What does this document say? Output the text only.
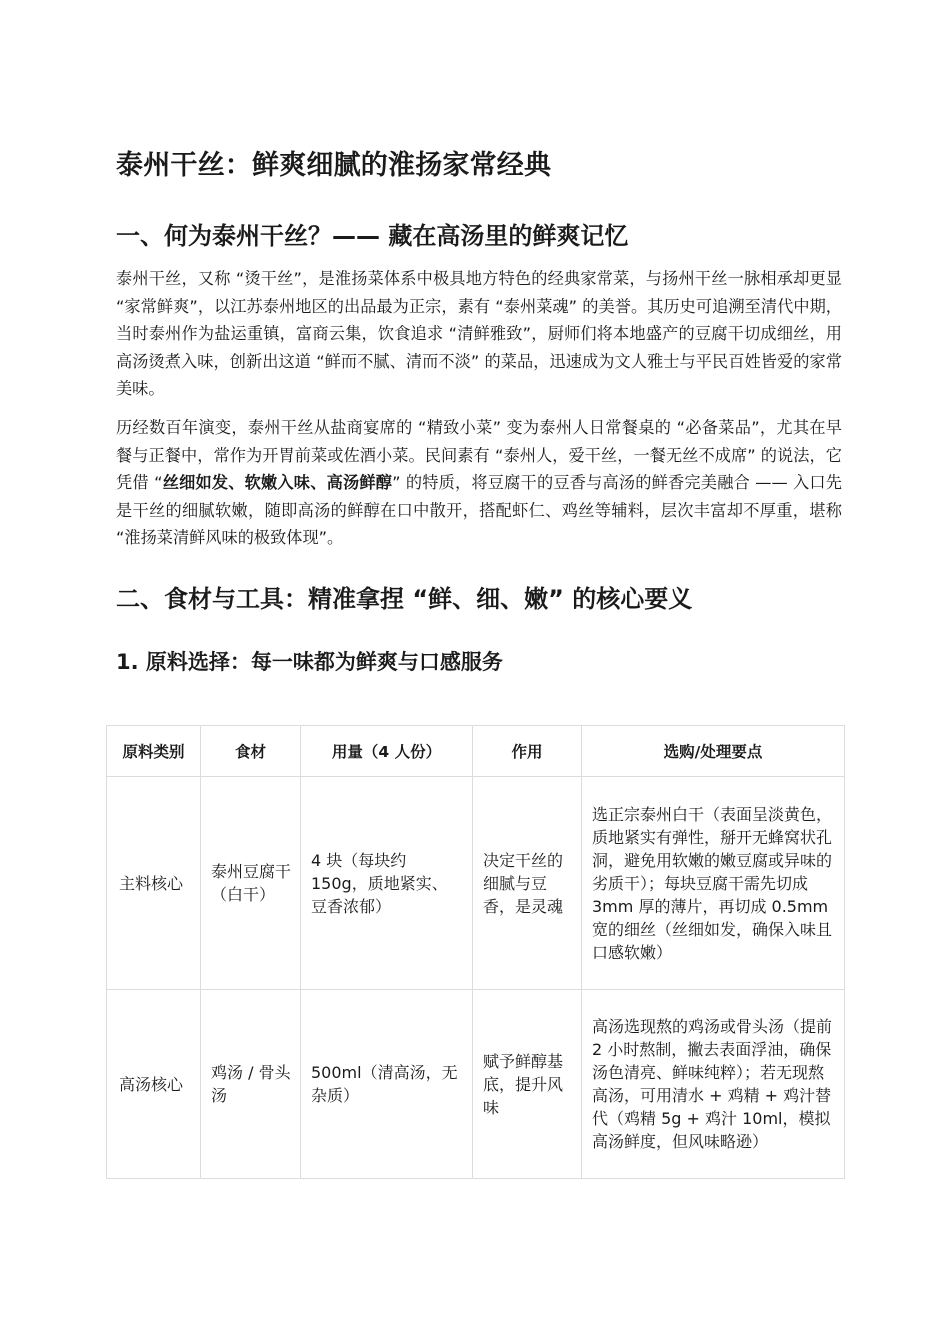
泰州干丝：鲜爽细腻的淮扬家常经典
一、何为泰州干丝？—— 藏在高汤里的鲜爽记忆

泰州干丝，又称 “烫干丝”，是淮扬菜体系中极具地方特色的经典家常菜，与扬州干丝一脉相承却更显 “家常鲜爽”，以江苏泰州地区的出品最为正宗，素有 “泰州菜魂” 的美誉。其历史可追溯至清代中期，当时泰州作为盐运重镇，富商云集，饮食追求 “清鲜雅致”，厨师们将本地盛产的豆腐干切成细丝，用高汤烫煮入味，创新出这道 “鲜而不腻、清而不淡” 的菜品，迅速成为文人雅士与平民百姓皆爱的家常美味。

历经数百年演变，泰州干丝从盐商宴席的 “精致小菜” 变为泰州人日常餐桌的 “必备菜品”，尤其在早餐与正餐中，常作为开胃前菜或佐酒小菜。民间素有 “泰州人，爱干丝，一餐无丝不成席” 的说法，它凭借 “丝细如发、软嫩入味、高汤鲜醇” 的特质，将豆腐干的豆香与高汤的鲜香完美融合 —— 入口先是干丝的细腻软嫩，随即高汤的鲜醇在口中散开，搭配虾仁、鸡丝等辅料，层次丰富却不厚重，堪称 “淮扬菜清鲜风味的极致体现”。

二、食材与工具：精准拿捏 “鲜、细、嫩” 的核心要义
1. 原料选择：每一味都为鲜爽与口感服务
原料类别	食材	用量（4 人份）	作用	选购/处理要点
主料核心	泰州豆腐干（白干）	4 块（每块约 150g，质地紧实、豆香浓郁）	决定干丝的细腻与豆香，是灵魂	选正宗泰州白干（表面呈淡黄色，质地紧实有弹性，掰开无蜂窝状孔洞，避免用软嫩的嫩豆腐或异味的劣质干）；每块豆腐干需先切成 3mm 厚的薄片，再切成 0.5mm 宽的细丝（丝细如发，确保入味且口感软嫩）
高汤核心	鸡汤 / 骨头汤	500ml（清高汤，无杂质）	赋予鲜醇基底，提升风味	高汤选现熬的鸡汤或骨头汤（提前 2 小时熬制，撇去表面浮油，确保汤色清亮、鲜味纯粹）；若无现熬高汤，可用清水 + 鸡精 + 鸡汁替代（鸡精 5g + 鸡汁 10ml，模拟高汤鲜度，但风味略逊）
